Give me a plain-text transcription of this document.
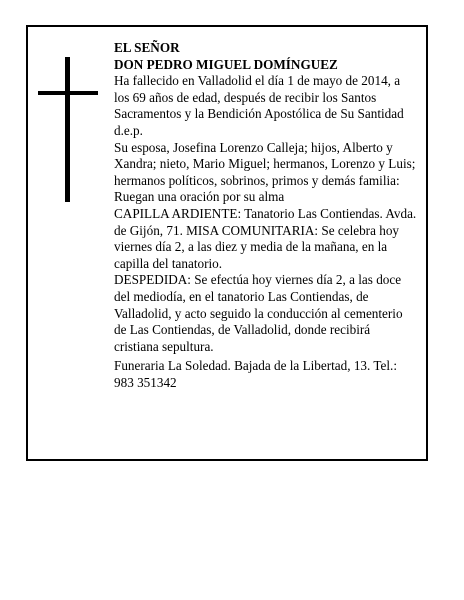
EL SEÑOR

DON PEDRO MIGUEL DOMÍNGUEZ

Ha fallecido en Valladolid el día 1 de mayo de 2014, a los 69 años de edad, después de recibir los Santos Sacramentos y la Bendición Apostólica de Su Santidad d.e.p.

Su esposa, Josefina Lorenzo Calleja; hijos, Alberto y Xandra; nieto, Mario Miguel; hermanos, Lorenzo y Luis; hermanos políticos, sobrinos, primos y demás familia:

Ruegan una oración por su alma

CAPILLA ARDIENTE: Tanatorio Las Contiendas. Avda. de Gijón, 71. MISA COMUNITARIA: Se celebra hoy viernes día 2, a las diez y media de la mañana, en la capilla del tanatorio.

DESPEDIDA: Se efectúa hoy viernes día 2, a las doce del mediodía, en el tanatorio Las Contiendas, de Valladolid, y acto seguido la conducción al cementerio de Las Contiendas, de Valladolid, donde recibirá cristiana sepultura.

Funeraria La Soledad. Bajada de la Libertad, 13. Tel.: 983 351342
